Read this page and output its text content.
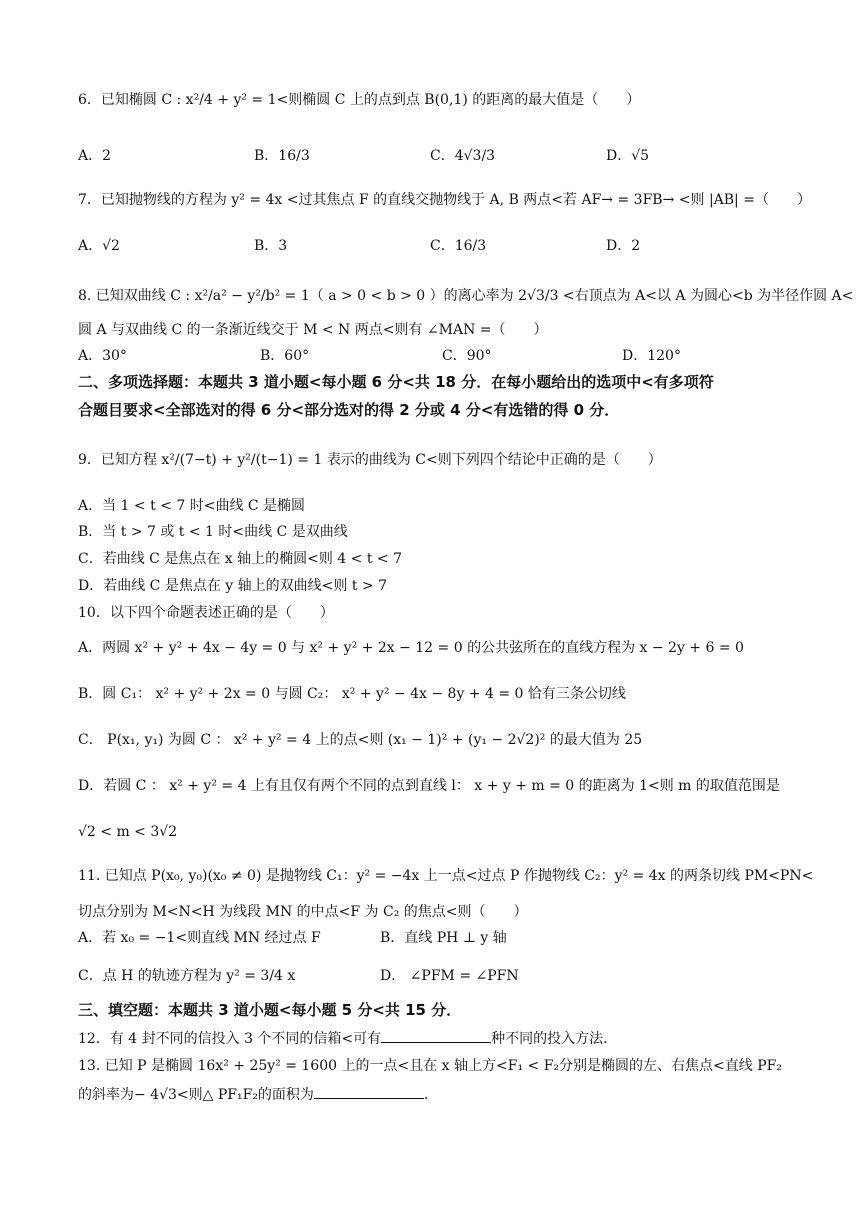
6．已知椭圆 C : x²/4 + y² = 1<则椭圆 C 上的点到点 B(0,1) 的距离的最大值是（　　）
A．2	B．16/3	C．4√3/3	D．√5
7．已知抛物线的方程为 y² = 4x <过其焦点 F 的直线交抛物线于 A, B 两点<若 AF→ = 3FB→ <则 |AB| =（　　）
A．√2	B．3	C．16/3	D．2
8. 已知双曲线 C : x²/a² − y²/b² = 1（ a > 0 < b > 0 ）的离心率为 2√3/3 <右顶点为 A<以 A 为圆心<b 为半径作圆 A<
圆 A 与双曲线 C 的一条渐近线交于 M < N 两点<则有 ∠MAN =（　　）
A．30°	B．60°	C．90°	D．120°
二、多项选择题：本题共 3 道小题<每小题 6 分<共 18 分．在每小题给出的选项中<有多项符
合题目要求<全部选对的得 6 分<部分选对的得 2 分或 4 分<有选错的得 0 分．
9．已知方程 x²/(7−t) + y²/(t−1) = 1 表示的曲线为 C<则下列四个结论中正确的是（　　）
A．当 1 < t < 7 时<曲线 C 是椭圆
B．当 t > 7 或 t < 1 时<曲线 C 是双曲线
C．若曲线 C 是焦点在 x 轴上的椭圆<则 4 < t < 7
D．若曲线 C 是焦点在 y 轴上的双曲线<则 t > 7
10．以下四个命题表述正确的是（　　）
A．两圆 x² + y² + 4x − 4y = 0 与 x² + y² + 2x − 12 = 0 的公共弦所在的直线方程为 x − 2y + 6 = 0
B．圆 C₁： x² + y² + 2x = 0 与圆 C₂： x² + y² − 4x − 8y + 4 = 0 恰有三条公切线
C． P(x₁, y₁) 为圆 C ： x² + y² = 4 上的点<则 (x₁ − 1)² + (y₁ − 2√2)² 的最大值为 25
D．若圆 C ： x² + y² = 4 上有且仅有两个不同的点到直线 l： x + y + m = 0 的距离为 1<则 m 的取值范围是
√2 < m < 3√2
11. 已知点 P(x₀, y₀)(x₀ ≠ 0) 是抛物线 C₁：y² = −4x 上一点<过点 P 作抛物线 C₂：y² = 4x 的两条切线 PM<PN<
切点分别为 M<N<H 为线段 MN 的中点<F 为 C₂ 的焦点<则（　　）
A．若 x₀ = −1<则直线 MN 经过点 F	B．直线 PH ⊥ y 轴
C．点 H 的轨迹方程为 y² = 3/4 x	D． ∠PFM = ∠PFN
三、填空题：本题共 3 道小题<每小题 5 分<共 15 分．
12．有 4 封不同的信投入 3 个不同的信箱<可有	种不同的投入方法．
13. 已知 P 是椭圆 16x² + 25y² = 1600 上的一点<且在 x 轴上方<F₁ < F₂分别是椭圆的左、右焦点<直线 PF₂
的斜率为− 4√3<则△ PF₁F₂的面积为	．
